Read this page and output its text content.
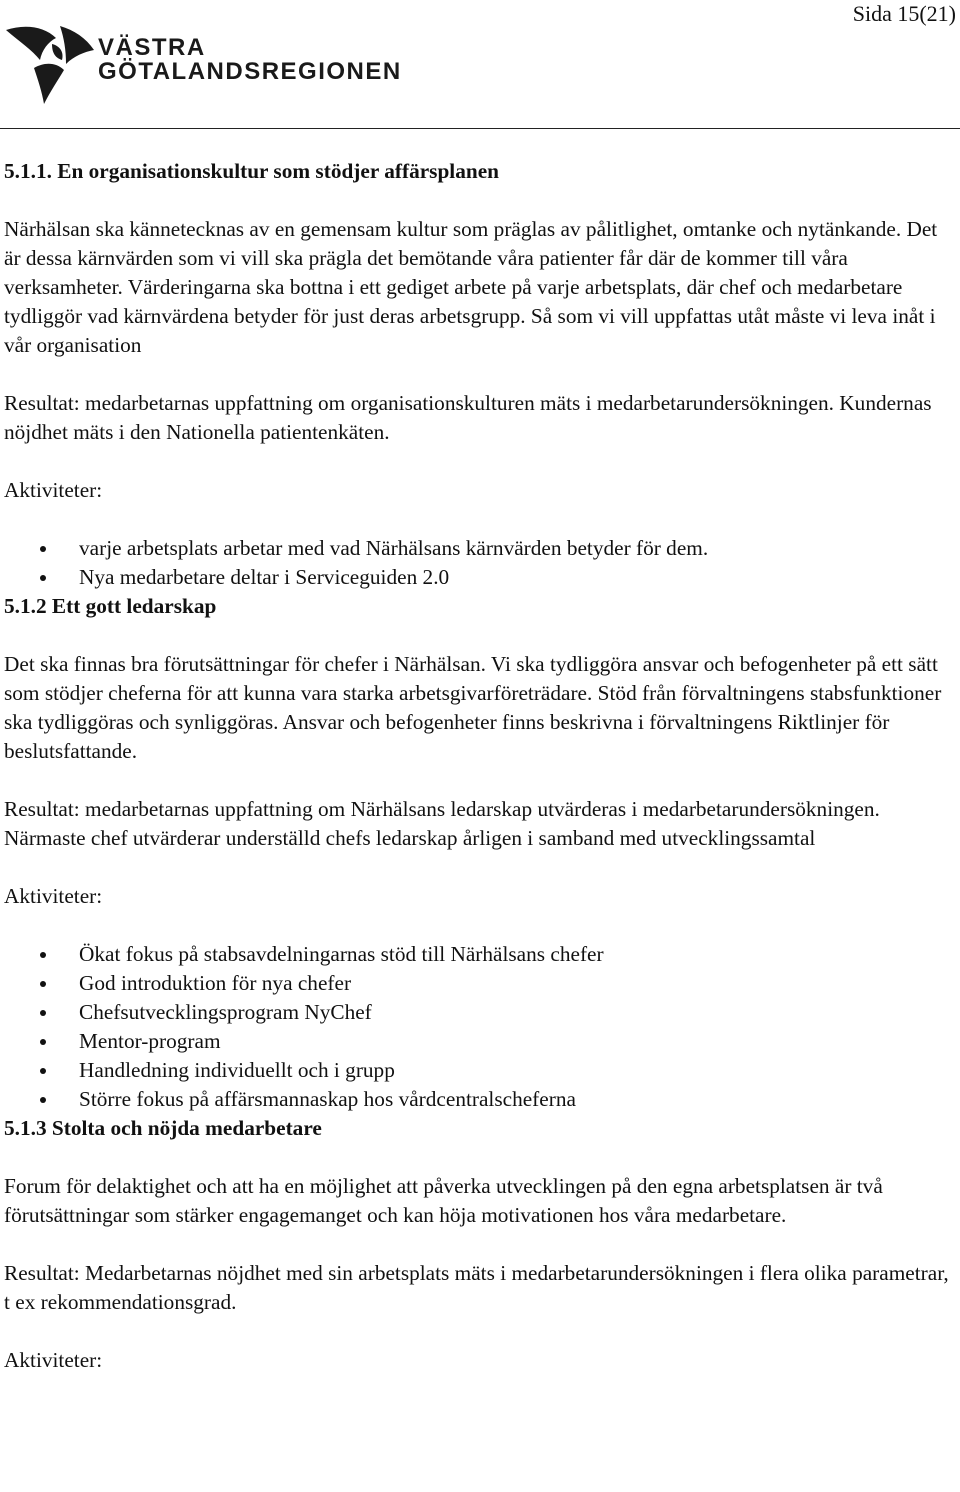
Sida 15(21)
VÄSTRA
GÖTALANDSREGIONEN
5.1.1. En organisationskultur som stödjer affärsplanen

Närhälsan ska kännetecknas av en gemensam kultur som präglas av pålitlighet, omtanke och nytänkande. Det är dessa kärnvärden som vi vill ska prägla det bemötande våra patienter får där de kommer till våra verksamheter. Värderingarna ska bottna i ett gediget arbete på varje arbetsplats, där chef och medarbetare tydliggör vad kärnvärdena betyder för just deras arbetsgrupp. Så som vi vill uppfattas utåt måste vi leva inåt i vår organisation

Resultat: medarbetarnas uppfattning om organisationskulturen mäts i medarbetarundersökningen. Kundernas nöjdhet mäts i den Nationella patientenkäten.

Aktiviteter:

varje arbetsplats arbetar med vad Närhälsans kärnvärden betyder för dem.
Nya medarbetare deltar i Serviceguiden 2.0
5.1.2 Ett gott ledarskap

Det ska finnas bra förutsättningar för chefer i Närhälsan. Vi ska tydliggöra ansvar och befogenheter på ett sätt som stödjer cheferna för att kunna vara starka arbetsgivarföreträdare. Stöd från förvaltningens stabsfunktioner ska tydliggöras och synliggöras. Ansvar och befogenheter finns beskrivna i förvaltningens Riktlinjer för beslutsfattande.

Resultat: medarbetarnas uppfattning om Närhälsans ledarskap utvärderas i medarbetarundersökningen. Närmaste chef utvärderar underställd chefs ledarskap årligen i samband med utvecklingssamtal

Aktiviteter:

Ökat fokus på stabsavdelningarnas stöd till Närhälsans chefer
God introduktion för nya chefer
Chefsutvecklingsprogram NyChef
Mentor-program
Handledning individuellt och i grupp
Större fokus på affärsmannaskap hos vårdcentralscheferna
5.1.3 Stolta och nöjda medarbetare

Forum för delaktighet och att ha en möjlighet att påverka utvecklingen på den egna arbetsplatsen är två förutsättningar som stärker engagemanget och kan höja motivationen hos våra medarbetare.

Resultat: Medarbetarnas nöjdhet med sin arbetsplats mäts i medarbetarundersökningen i flera olika parametrar, t ex rekommendationsgrad.

Aktiviteter:
